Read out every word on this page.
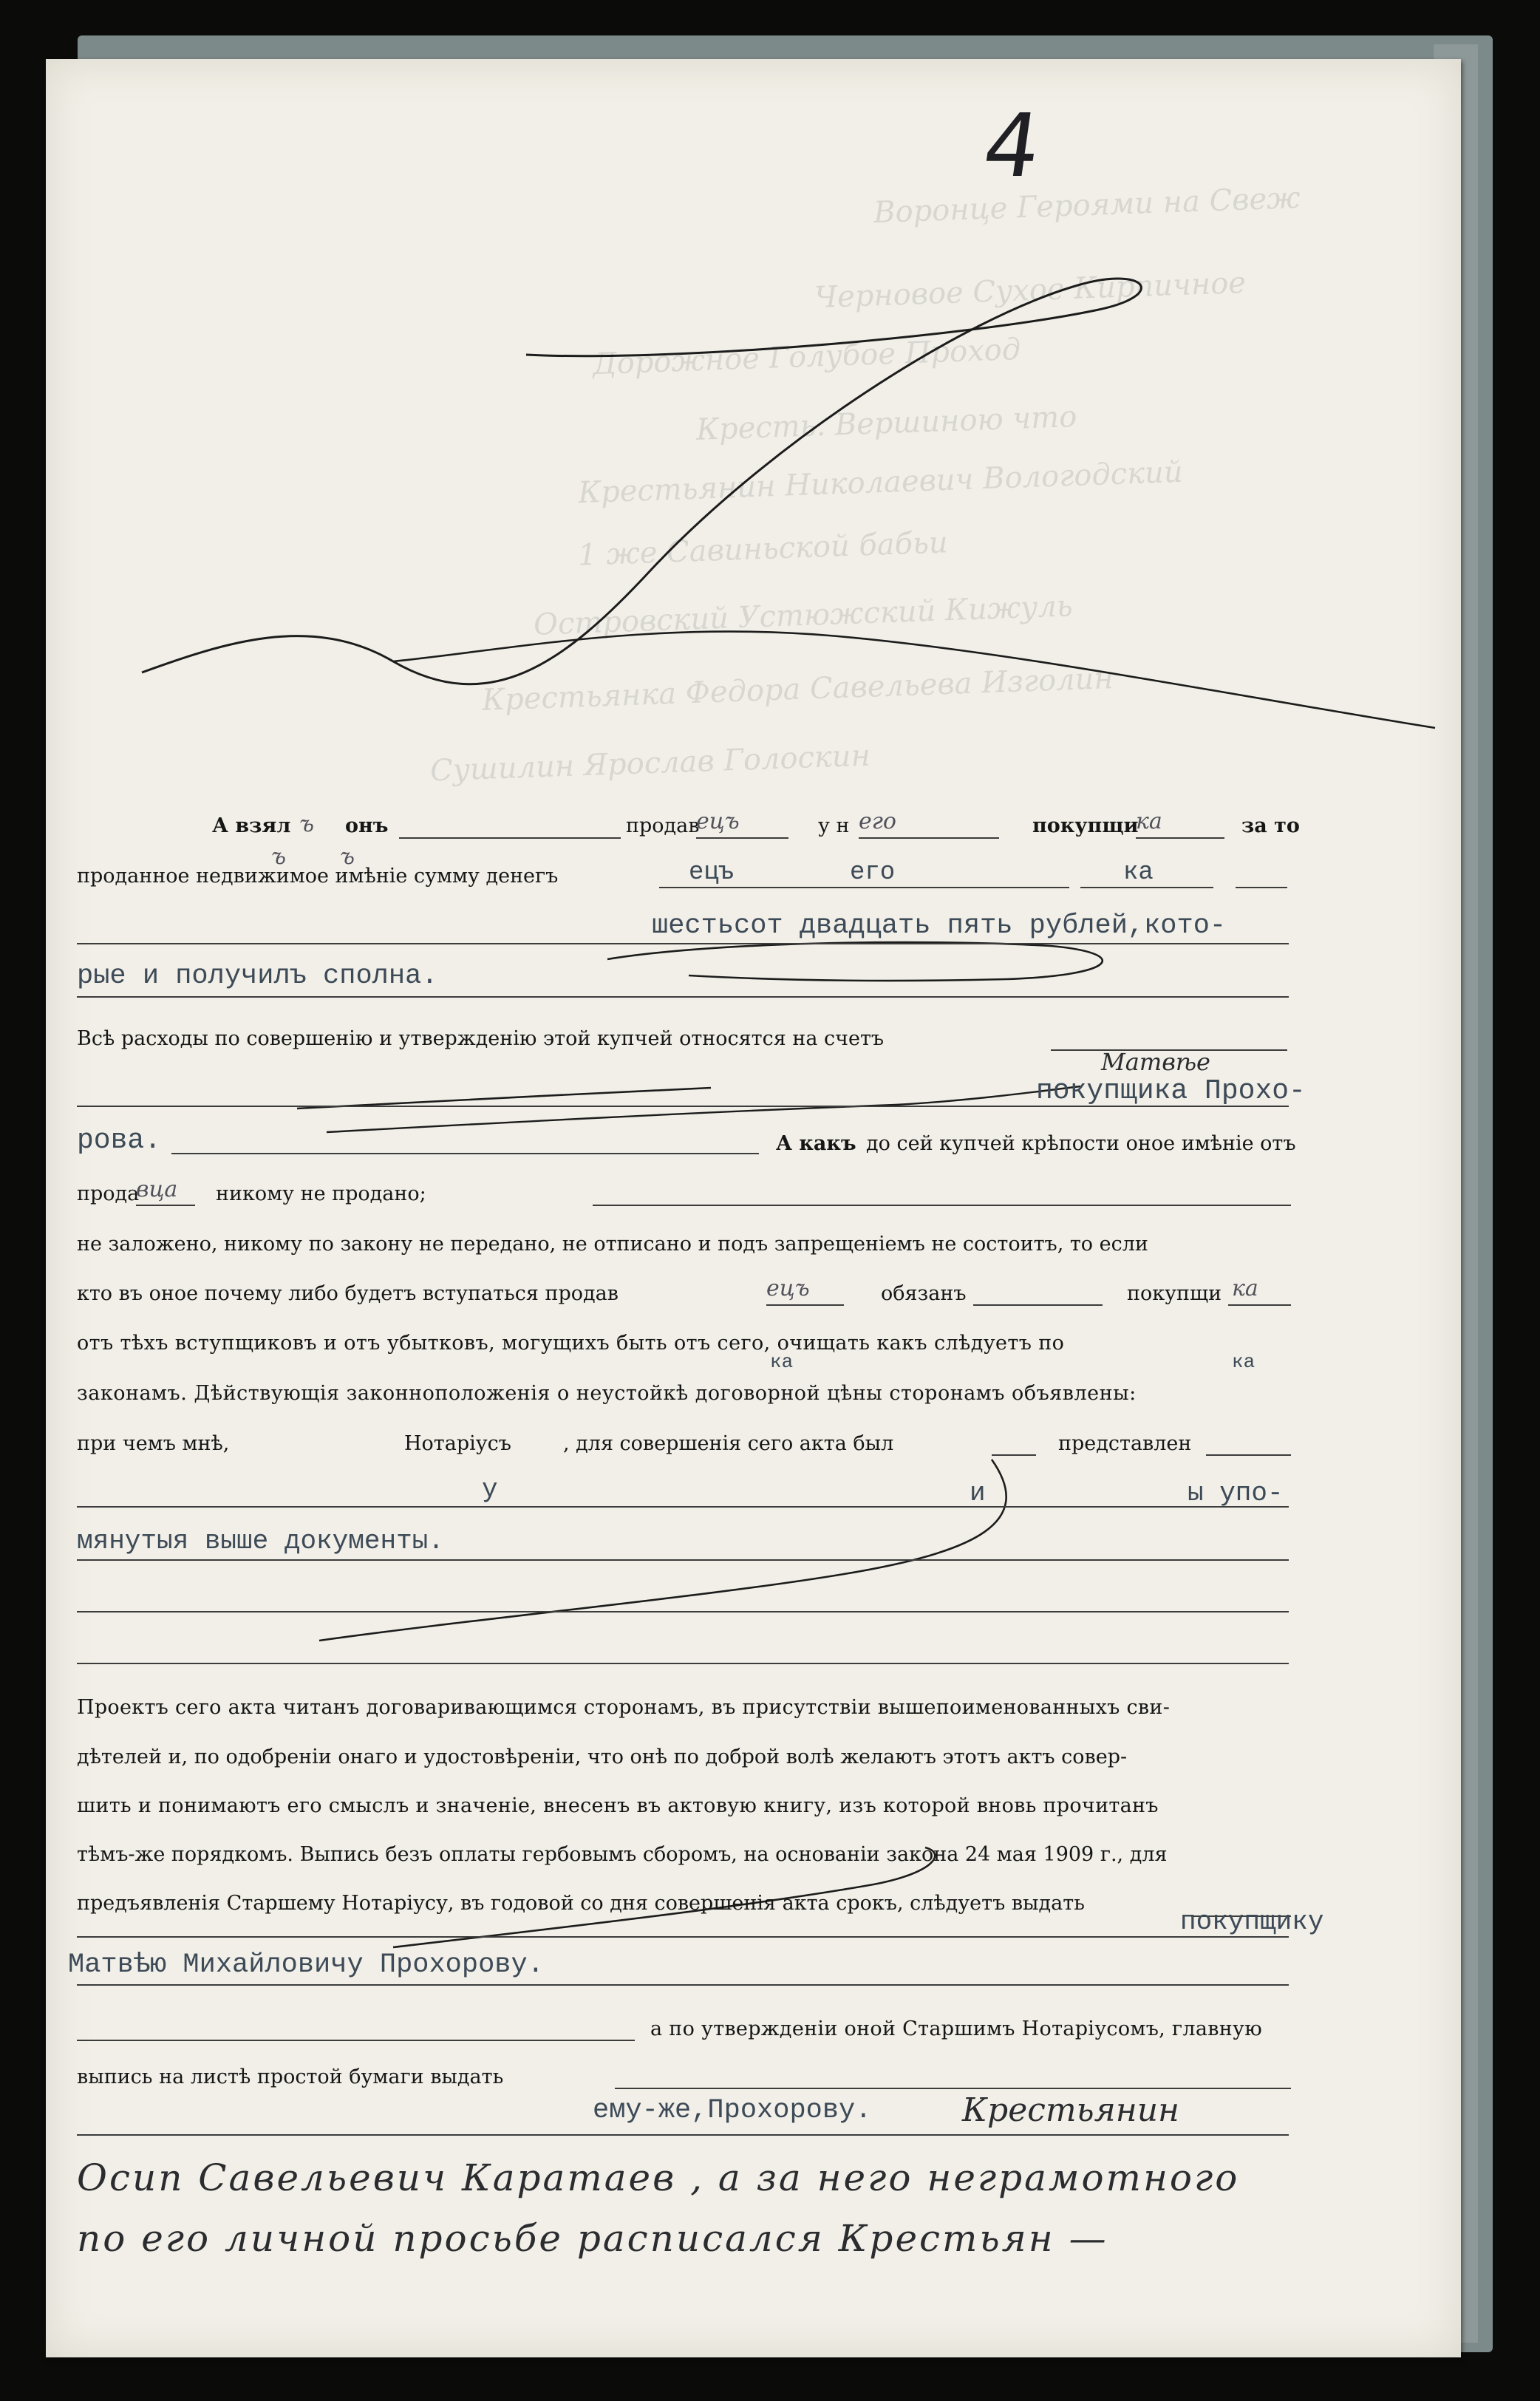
4
Воронце Героями на Свеж
Черновое Сухое Кирпичное
Дорожное Голубое Проход
Кресть. Вершиною что
Крестьянин Николаевич Вологодский
1 же Савиньской бабьи
Островский Устюжский Кижуль
Крестьянка Федора Савельева Изголин
Сушилин Ярослав Голоскин
А взял ъ
ъ ъ
онъ	продав
ецъ	у н его	покупщи
ка	за то
проданное недвижимое имѣніе сумму денегъ	ецъ	его	ка
шестьсот двадцать пять рублей,кото-
рые и получилъ сполна.
Всѣ расходы по совершенію и утвержденію этой купчей относятся на счетъ
Матвѣе
покупщика Прохо-
рова.	А какъ до сей купчей крѣпости оное имѣніе отъ
прода
вца никому не продано;
не заложено, никому по закону не передано, не отписано и подъ запрещеніемъ не состоитъ, то если
кто въ оное почему либо будетъ вступаться продав	ецъ	обязанъ	покупщи ка
отъ тѣхъ вступщиковъ и отъ убытковъ, могущихъ быть отъ сего, очищать какъ слѣдуетъ по
ка	ка
законамъ. Дѣйствующія законноположенія о неустойкѣ договорной цѣны сторонамъ объявлены:
при чемъ мнѣ,	Нотаріусъ	, для совершенія сего акта был	представлен
у	и	ы упо-
мянутыя выше документы.
Проектъ сего акта читанъ договаривающимся сторонамъ, въ присутствіи вышепоименованныхъ сви-
дѣтелей и, по одобреніи онаго и удостовѣреніи, что онѣ по доброй волѣ желаютъ этотъ актъ совер-
шить и понимаютъ его смыслъ и значеніе, внесенъ въ актовую книгу, изъ которой вновь прочитанъ
тѣмъ-же порядкомъ. Выпись безъ оплаты гербовымъ сборомъ, на основаніи закона 24 мая 1909 г., для
предъявленія Старшему Нотаріусу, въ годовой со дня совершенія акта срокъ, слѣдуетъ выдать
покупщику
Матвѣю Михайловичу Прохорову.
а по утвержденіи оной Старшимъ Нотаріусомъ, главную
выпись на листѣ простой бумаги выдать
ему-же,Прохорову.	Крестьянин
Осип Савельевич Каратаев , а за него неграмотного
по его личной просьбе расписался Крестьян —
